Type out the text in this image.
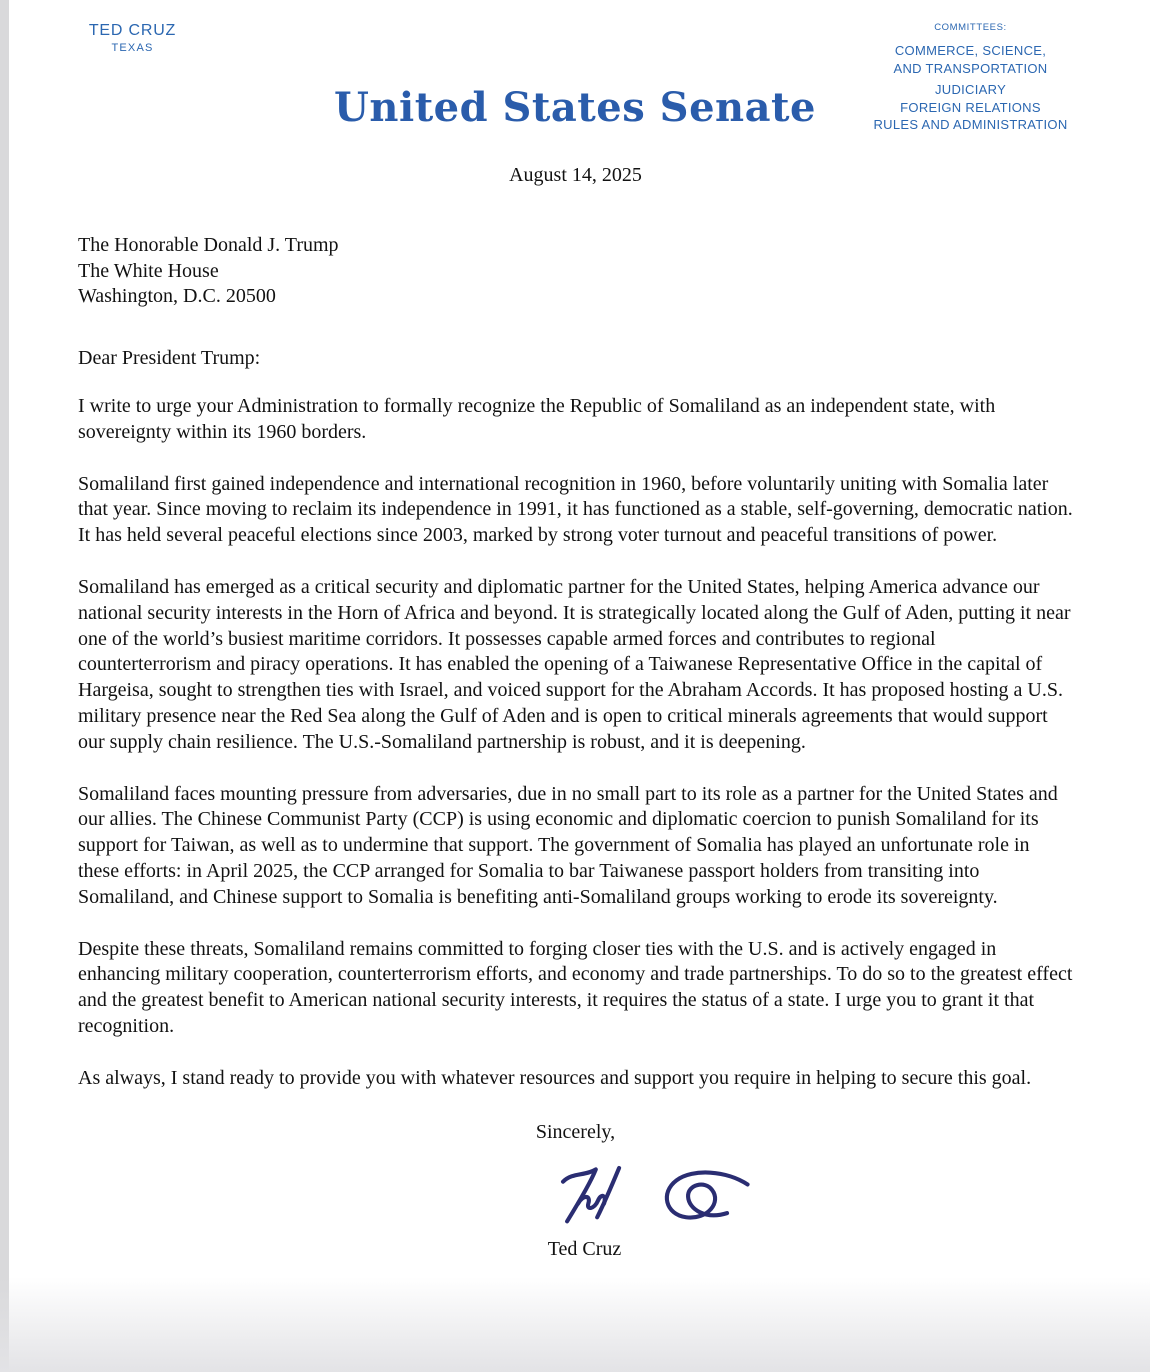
TED CRUZ
TEXAS
COMMITTEES:
COMMERCE, SCIENCE,
AND TRANSPORTATION
JUDICIARY
FOREIGN RELATIONS
RULES AND ADMINISTRATION
United States Senate
August 14, 2025
The Honorable Donald J. Trump
The White House
Washington, D.C. 20500
Dear President Trump:
I write to urge your Administration to formally recognize the Republic of Somaliland as an independent state, with sovereignty within its 1960 borders.
Somaliland first gained independence and international recognition in 1960, before voluntarily uniting with Somalia later that year. Since moving to reclaim its independence in 1991, it has functioned as a stable, self-governing, democratic nation. It has held several peaceful elections since 2003, marked by strong voter turnout and peaceful transitions of power.
Somaliland has emerged as a critical security and diplomatic partner for the United States, helping America advance our national security interests in the Horn of Africa and beyond. It is strategically located along the Gulf of Aden, putting it near one of the world’s busiest maritime corridors. It possesses capable armed forces and contributes to regional counterterrorism and piracy operations. It has enabled the opening of a Taiwanese Representative Office in the capital of Hargeisa, sought to strengthen ties with Israel, and voiced support for the Abraham Accords. It has proposed hosting a U.S. military presence near the Red Sea along the Gulf of Aden and is open to critical minerals agreements that would support our supply chain resilience. The U.S.-Somaliland partnership is robust, and it is deepening.
Somaliland faces mounting pressure from adversaries, due in no small part to its role as a partner for the United States and our allies. The Chinese Communist Party (CCP) is using economic and diplomatic coercion to punish Somaliland for its support for Taiwan, as well as to undermine that support. The government of Somalia has played an unfortunate role in these efforts: in April 2025, the CCP arranged for Somalia to bar Taiwanese passport holders from transiting into Somaliland, and Chinese support to Somalia is benefiting anti-Somaliland groups working to erode its sovereignty.
Despite these threats, Somaliland remains committed to forging closer ties with the U.S. and is actively engaged in enhancing military cooperation, counterterrorism efforts, and economy and trade partnerships. To do so to the greatest effect and the greatest benefit to American national security interests, it requires the status of a state. I urge you to grant it that recognition.
As always, I stand ready to provide you with whatever resources and support you require in helping to secure this goal.
Sincerely,
Ted Cruz
